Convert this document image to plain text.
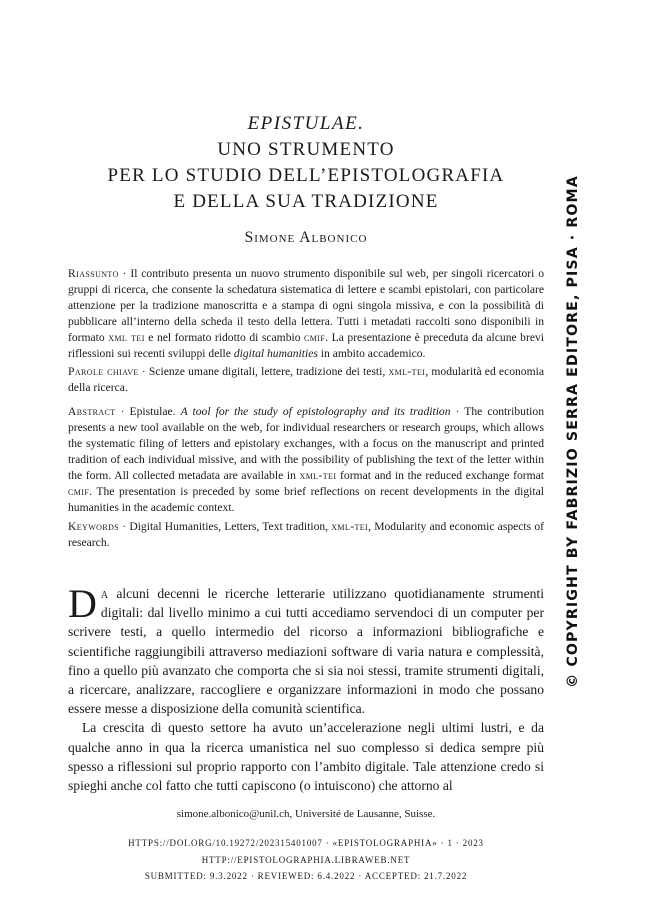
EPISTULAE.

UNO STRUMENTO

PER LO STUDIO DELL’EPISTOLOGRAFIA

E DELLA SUA TRADIZIONE

Simone Albonico

Riassunto · Il contributo presenta un nuovo strumento disponibile sul web, per singoli ricercatori o gruppi di ricerca, che consente la schedatura sistematica di lettere e scambi epistolari, con particolare attenzione per la tradizione manoscritta e a stampa di ogni singola missiva, e con la possibilità di pubblicare all’interno della scheda il testo della lettera. Tutti i metadati raccolti sono disponibili in formato xml tei e nel formato ridotto di scambio cmif. La presentazione è preceduta da alcune brevi riflessioni sui recenti sviluppi delle digital humanities in ambito accademico.

Parole chiave · Scienze umane digitali, lettere, tradizione dei testi, xml-tei, modularità ed economia della ricerca.

Abstract · Epistulae. A tool for the study of epistolography and its tradition · The contribution presents a new tool available on the web, for individual researchers or research groups, which allows the systematic filing of letters and epistolary exchanges, with a focus on the manuscript and printed tradition of each individual missive, and with the possibility of publishing the text of the letter within the form. All collected metadata are available in xml-tei format and in the reduced exchange format cmif. The presentation is preceded by some brief reflections on recent developments in the digital humanities in the academic context.

Keywords · Digital Humanities, Letters, Text tradition, xml-tei, Modularity and economic aspects of research.

Da alcuni decenni le ricerche letterarie utilizzano quotidianamente strumenti digitali: dal livello minimo a cui tutti accediamo servendoci di un computer per scrivere testi, a quello intermedio del ricorso a informazioni bibliografiche e scientifiche raggiungibili attraverso mediazioni software di varia natura e complessità, fino a quello più avanzato che comporta che si sia noi stessi, tramite strumenti digitali, a ricercare, analizzare, raccogliere e organizzare informazioni in modo che possano essere messe a disposizione della comunità scientifica.

La crescita di questo settore ha avuto un’accelerazione negli ultimi lustri, e da qualche anno in qua la ricerca umanistica nel suo complesso si dedica sempre più spesso a riflessioni sul proprio rapporto con l’ambito digitale. Tale attenzione credo si spieghi anche col fatto che tutti capiscono (o intuiscono) che attorno al

simone.albonico@unil.ch, Université de Lausanne, Suisse.
HTTPS://DOI.ORG/10.19272/202315401007 · «EPISTOLOGRAPHIA» · 1 · 2023
HTTP://EPISTOLOGRAPHIA.LIBRAWEB.NET
SUBMITTED: 9.3.2022 · REVIEWED: 6.4.2022 · ACCEPTED: 21.7.2022
© COPYRIGHT BY FABRIZIO SERRA EDITORE, PISA · ROMA
